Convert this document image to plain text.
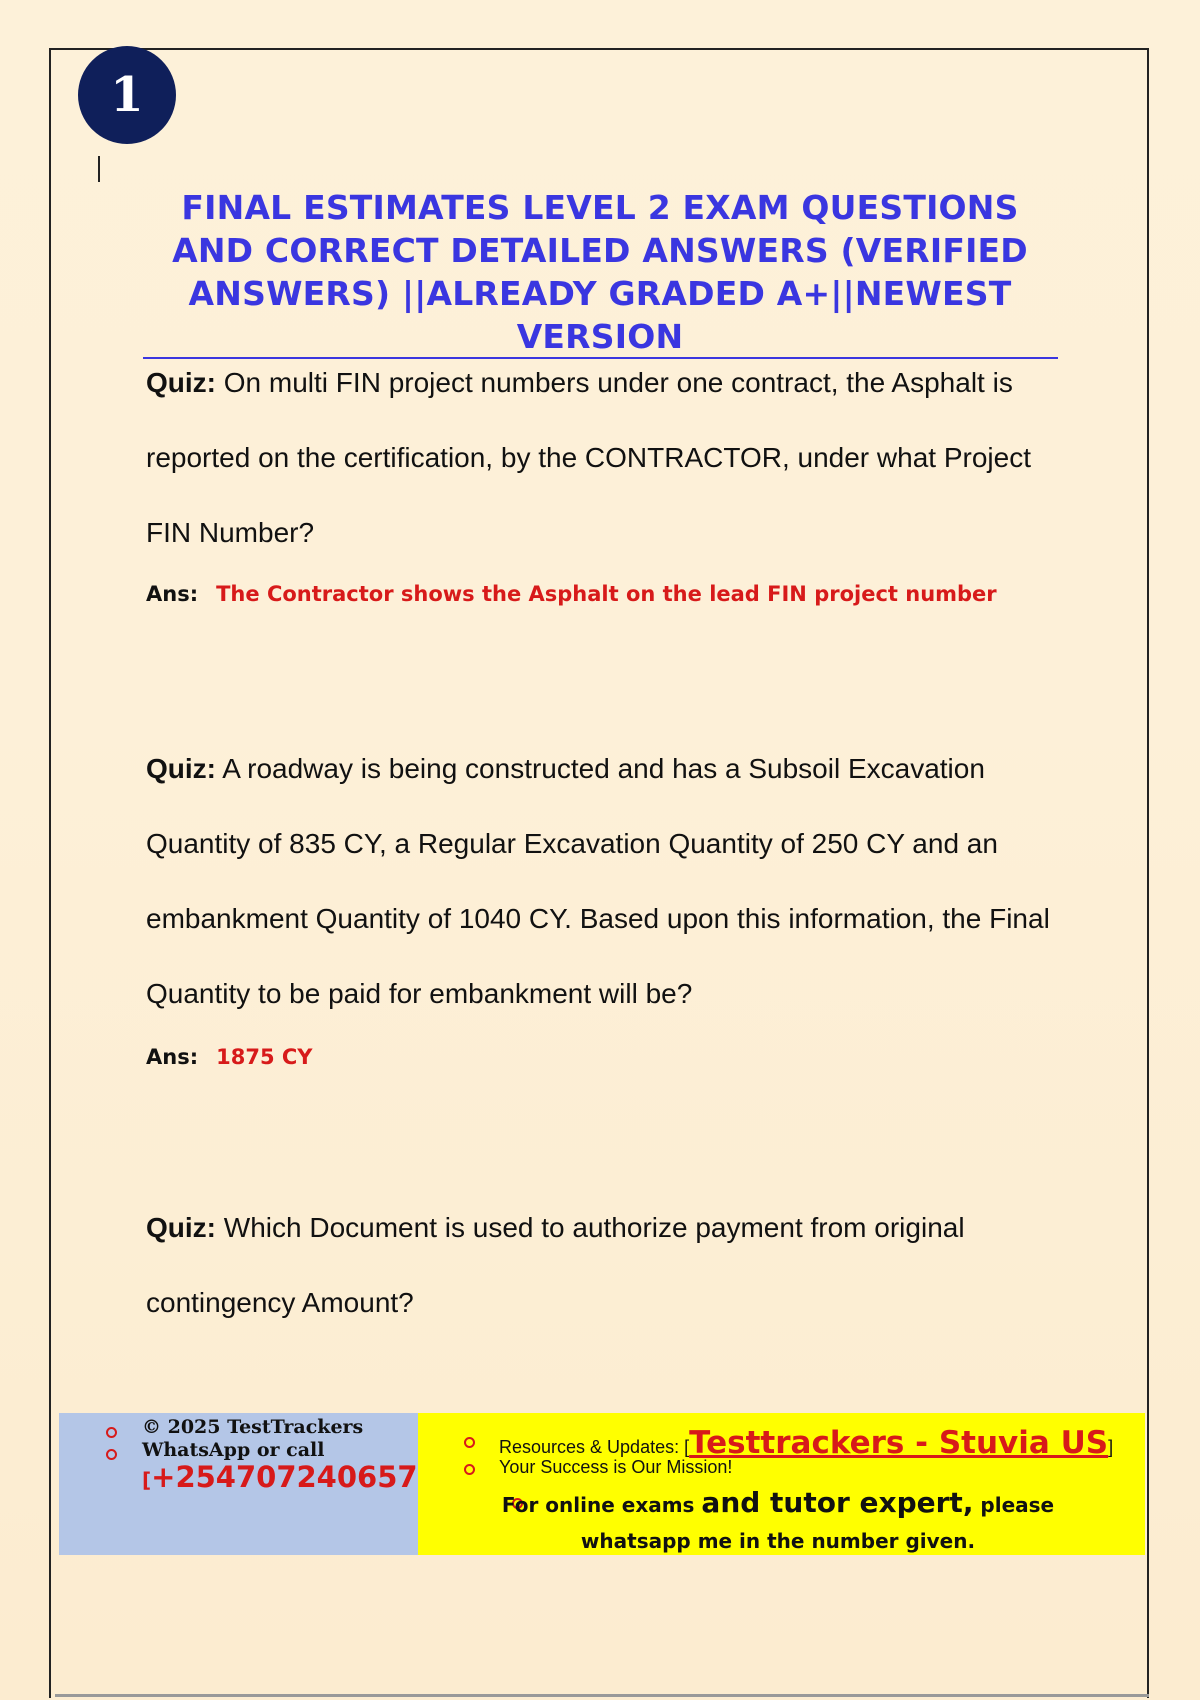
1
FINAL ESTIMATES LEVEL 2 EXAM QUESTIONS AND CORRECT DETAILED ANSWERS (VERIFIED ANSWERS) ||ALREADY GRADED A+||NEWEST VERSION

Quiz: On multi FIN project numbers under one contract, the Asphalt is reported on the certification, by the CONTRACTOR, under what Project FIN Number?

Ans: The Contractor shows the Asphalt on the lead FIN project number

Quiz: A roadway is being constructed and has a Subsoil Excavation Quantity of 835 CY, a Regular Excavation Quantity of 250 CY and an embankment Quantity of 1040 CY. Based upon this information, the Final Quantity to be paid for embankment will be?

Ans: 1875 CY

Quiz: Which Document is used to authorize payment from original contingency Amount?

© 2025 TestTrackers
WhatsApp or call
[+254707240657
Resources & Updates: [Testtrackers - Stuvia US]
Your Success is Our Mission!
For online exams and tutor expert, please whatsapp me in the number given.
